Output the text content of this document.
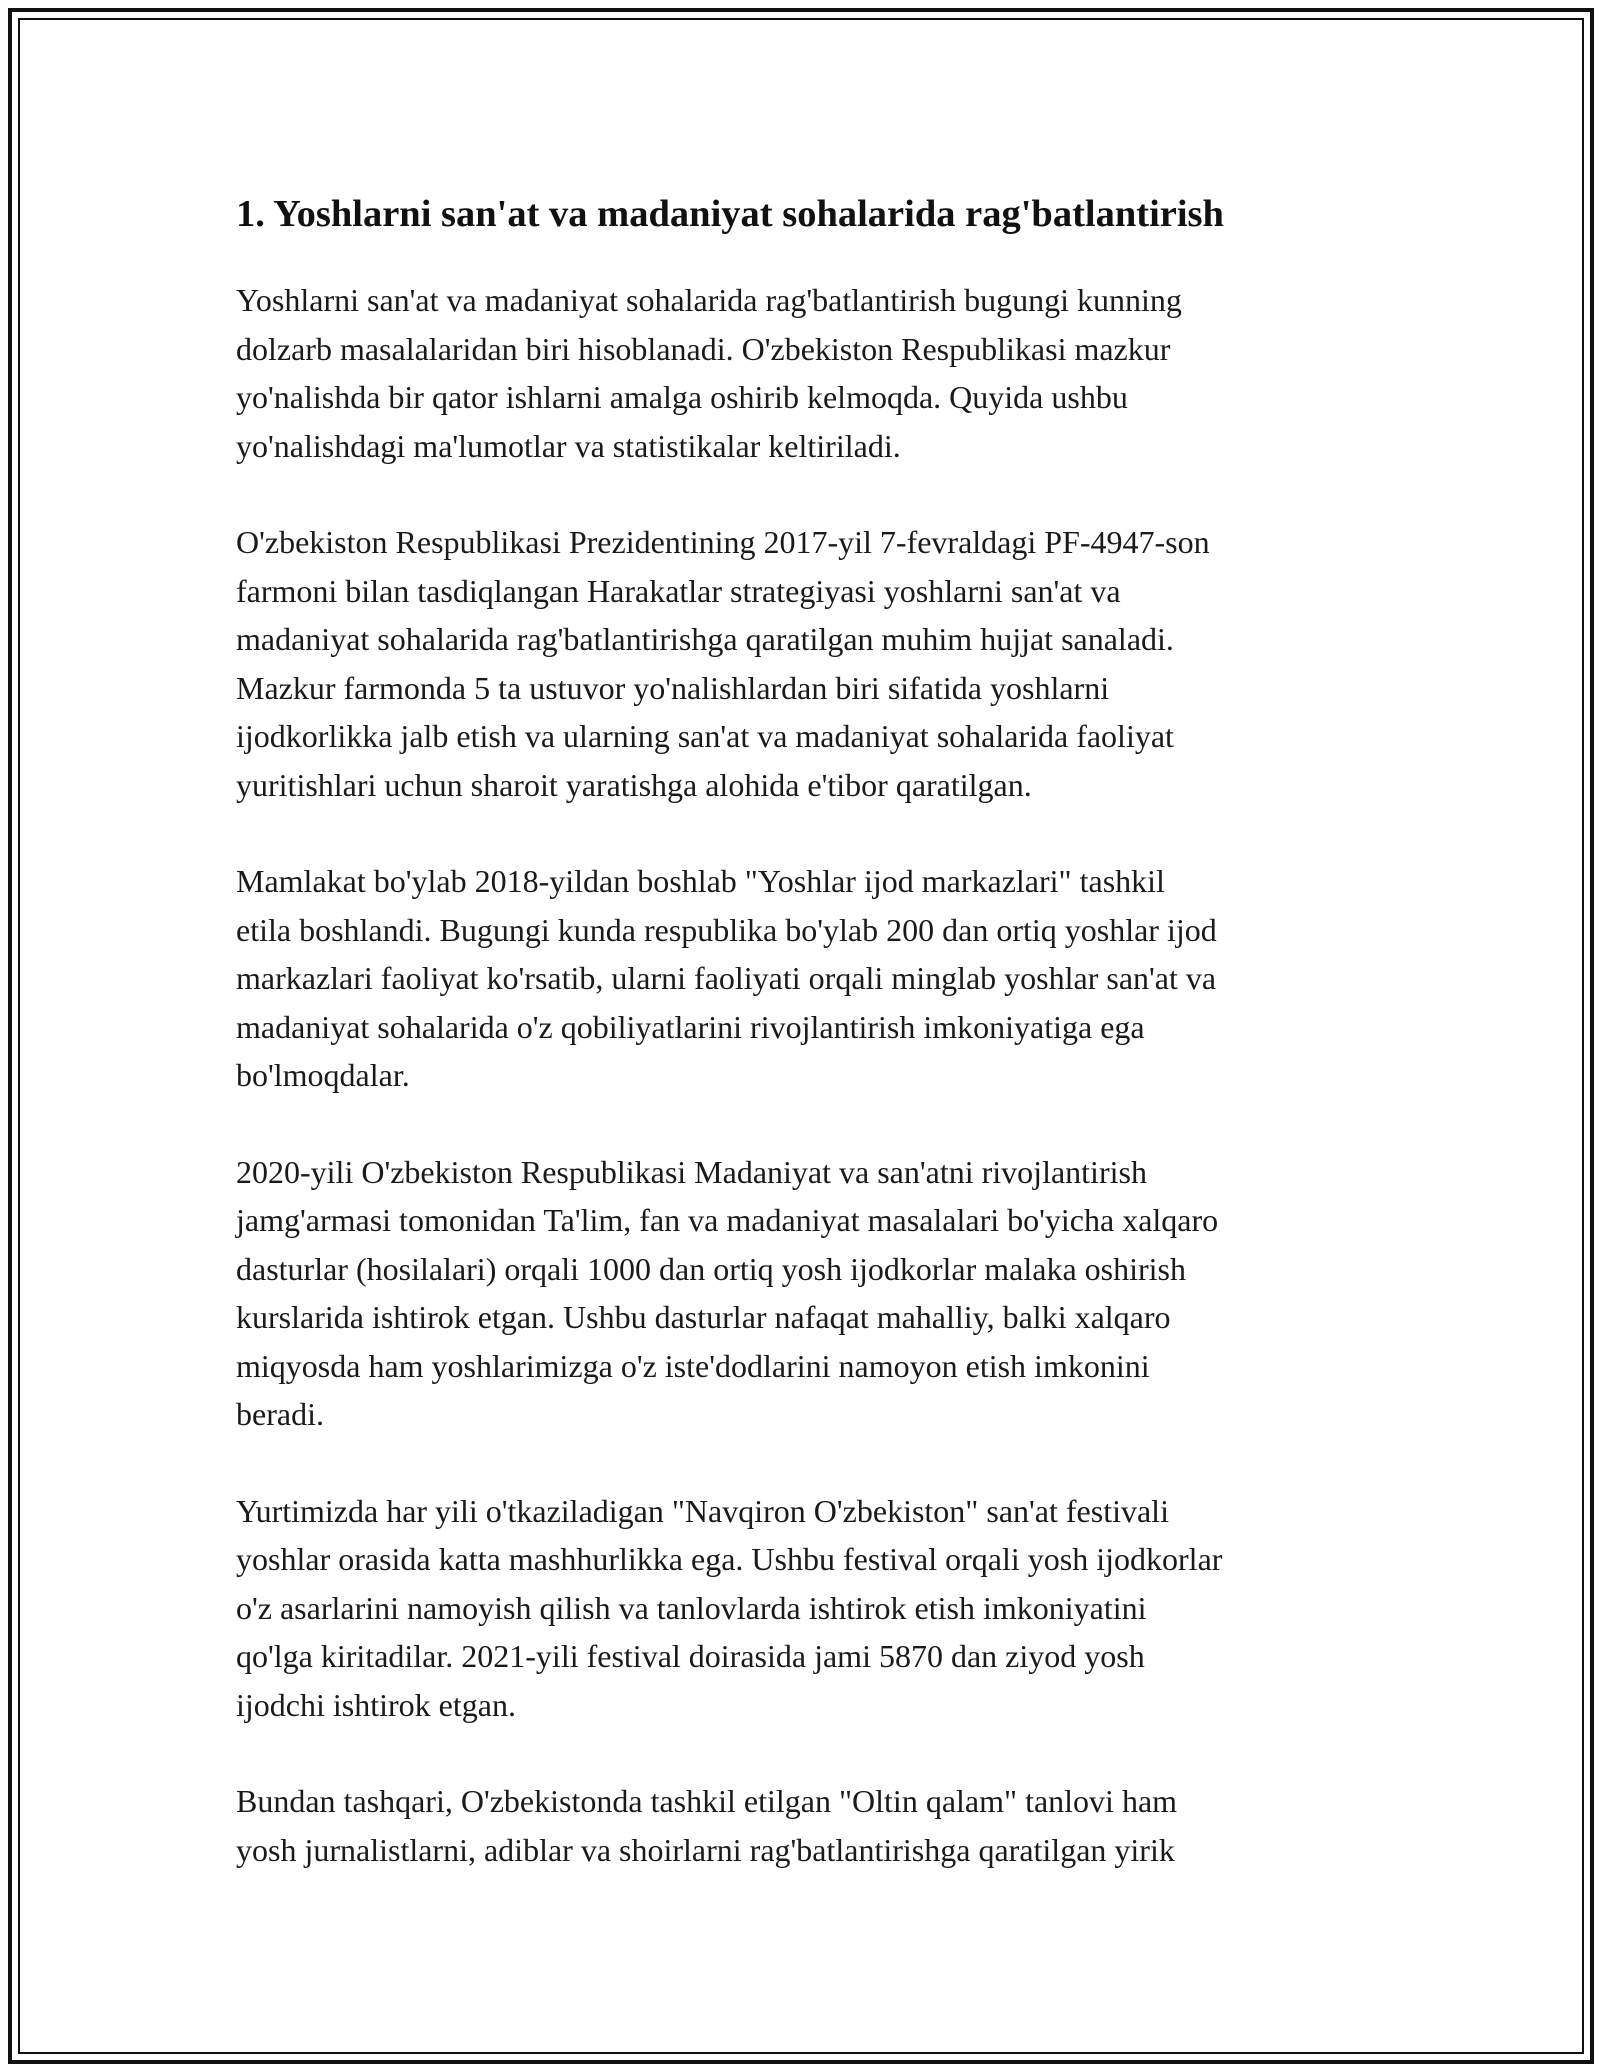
1. Yoshlarni san'at va madaniyat sohalarida rag'batlantirish
Yoshlarni san'at va madaniyat sohalarida rag'batlantirish bugungi kunning
dolzarb masalalaridan biri hisoblanadi. O'zbekiston Respublikasi mazkur
yo'nalishda bir qator ishlarni amalga oshirib kelmoqda. Quyida ushbu
yo'nalishdagi ma'lumotlar va statistikalar keltiriladi.
O'zbekiston Respublikasi Prezidentining 2017-yil 7-fevraldagi PF-4947-son
farmoni bilan tasdiqlangan Harakatlar strategiyasi yoshlarni san'at va
madaniyat sohalarida rag'batlantirishga qaratilgan muhim hujjat sanaladi.
Mazkur farmonda 5 ta ustuvor yo'nalishlardan biri sifatida yoshlarni
ijodkorlikka jalb etish va ularning san'at va madaniyat sohalarida faoliyat
yuritishlari uchun sharoit yaratishga alohida e'tibor qaratilgan.
Mamlakat bo'ylab 2018-yildan boshlab "Yoshlar ijod markazlari" tashkil
etila boshlandi. Bugungi kunda respublika bo'ylab 200 dan ortiq yoshlar ijod
markazlari faoliyat ko'rsatib, ularni faoliyati orqali minglab yoshlar san'at va
madaniyat sohalarida o'z qobiliyatlarini rivojlantirish imkoniyatiga ega
bo'lmoqdalar.
2020-yili O'zbekiston Respublikasi Madaniyat va san'atni rivojlantirish
jamg'armasi tomonidan Ta'lim, fan va madaniyat masalalari bo'yicha xalqaro
dasturlar (hosilalari) orqali 1000 dan ortiq yosh ijodkorlar malaka oshirish
kurslarida ishtirok etgan. Ushbu dasturlar nafaqat mahalliy, balki xalqaro
miqyosda ham yoshlarimizga o'z iste'dodlarini namoyon etish imkonini
beradi.
Yurtimizda har yili o'tkaziladigan "Navqiron O'zbekiston" san'at festivali
yoshlar orasida katta mashhurlikka ega. Ushbu festival orqali yosh ijodkorlar
o'z asarlarini namoyish qilish va tanlovlarda ishtirok etish imkoniyatini
qo'lga kiritadilar. 2021-yili festival doirasida jami 5870 dan ziyod yosh
ijodchi ishtirok etgan.
Bundan tashqari, O'zbekistonda tashkil etilgan "Oltin qalam" tanlovi ham
yosh jurnalistlarni, adiblar va shoirlarni rag'batlantirishga qaratilgan yirik
